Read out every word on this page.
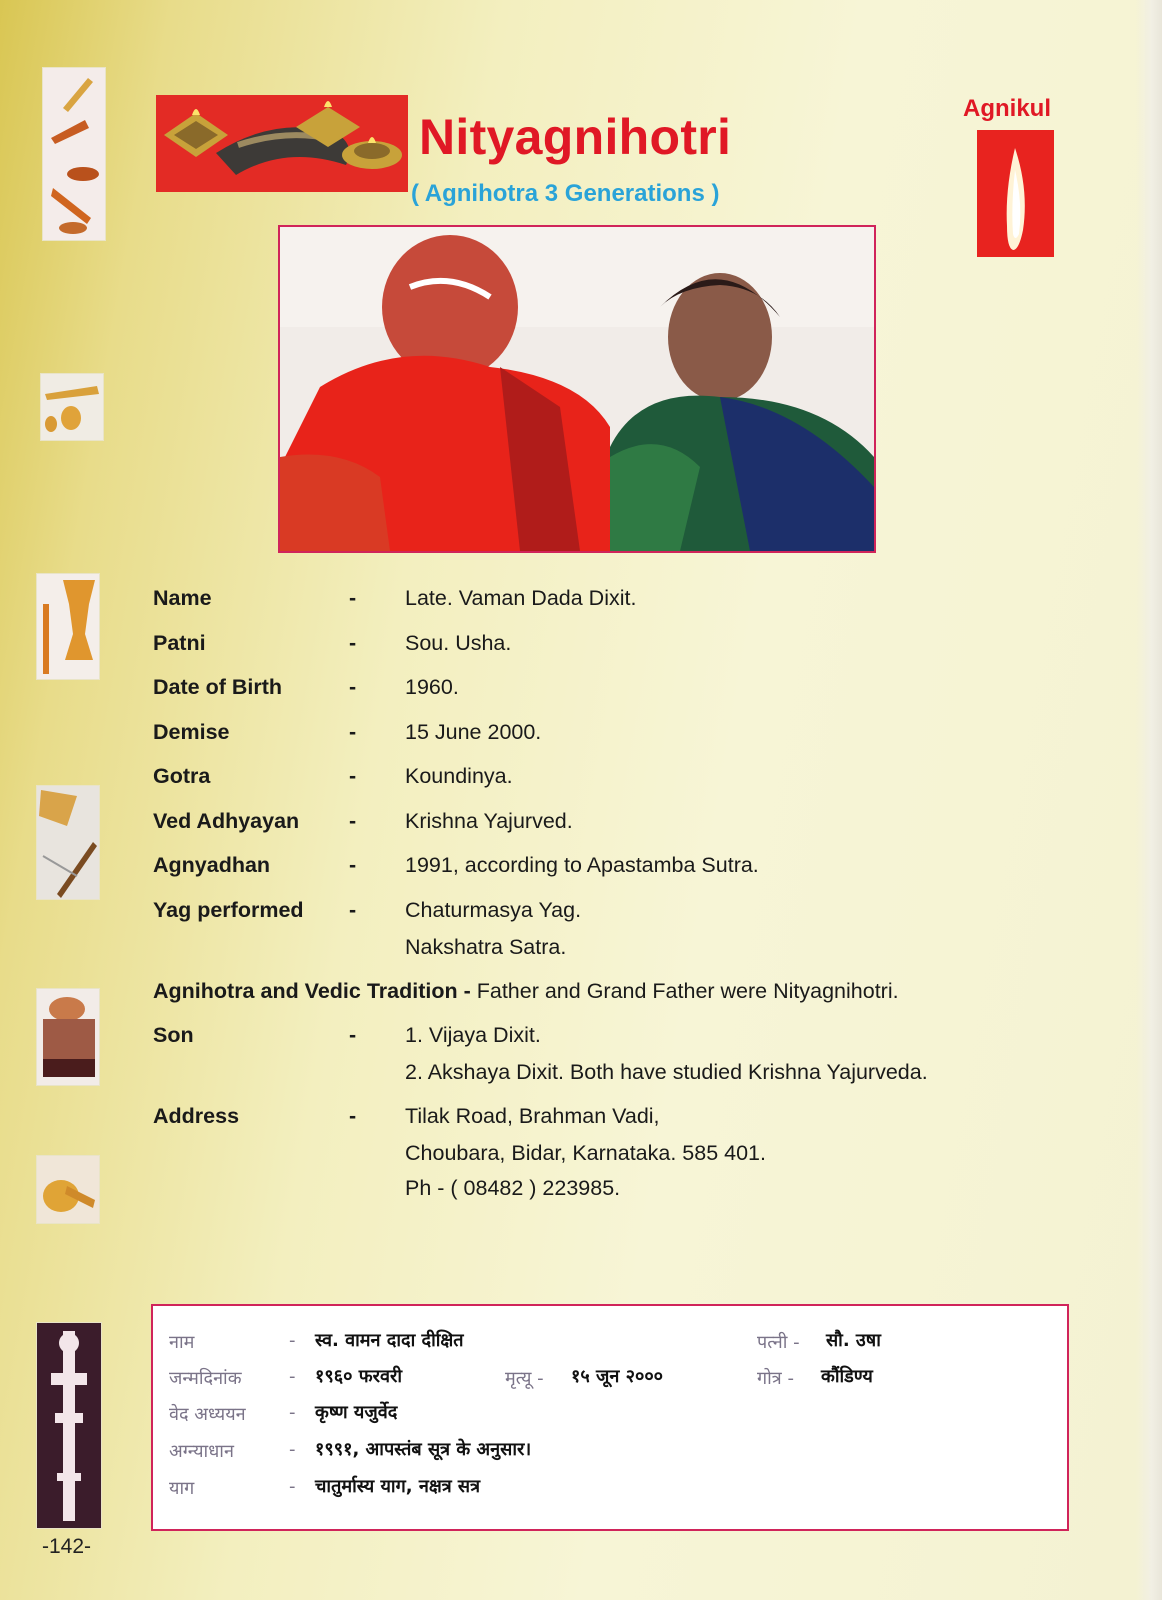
Nityagnihotri
( Agnihotra 3 Generations )
Agnikul
Name	- Late. Vaman Dada Dixit.
Patni	- Sou. Usha.
Date of Birth	- 1960.
Demise	- 15 June 2000.
Gotra	- Koundinya.
Ved Adhyayan - Krishna Yajurved.
Agnyadhan	- 1991, according to Apastamba Sutra.
Yag performed - Chaturmasya Yag.
Nakshatra Satra.
Agnihotra and Vedic Tradition - Father and Grand Father were Nityagnihotri.
Son	- 1. Vijaya Dixit.
2. Akshaya Dixit. Both have studied Krishna Yajurveda.
Address	- Tilak Road, Brahman Vadi,
Choubara, Bidar, Karnataka. 585 401.
Ph - ( 08482 ) 223985.
नाम	- स्व. वामन दादा दीक्षित	पत्नी - सौ. उषा
जन्मदिनांक	- १९६० फरवरी	मृत्यू - १५ जून २०००	गोत्र - कौंडिण्य
वेद अध्ययन - कृष्ण यजुर्वेद
अग्न्याधान	- १९९१, आपस्तंब सूत्र के अनुसार।
याग	- चातुर्मास्य याग, नक्षत्र सत्र
-142-
